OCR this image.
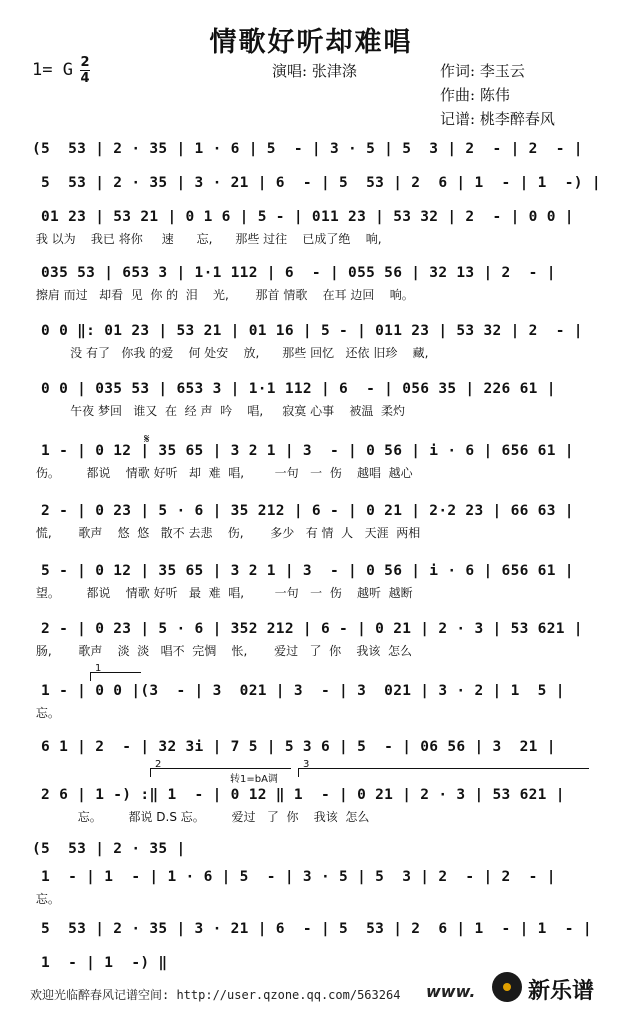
情歌好听却难唱
1= G 2
4	演唱: 张津涤	作词: 李玉云
作曲: 陈伟
记谱: 桃李醉春风
(5  53 | 2 · 35 | 1 · 6 | 5  - | 3 · 5 | 5  3 | 2  - | 2  - |
5  53 | 2 · 35 | 3 · 21 | 6  - | 5  53 | 2  6 | 1  - | 1  -) |
01 23 | 53 21 | 0 1 6 | 5 - | 011 23 | 53 32 | 2  - | 0 0 |
我 以为    我已 将你     速      忘,      那些 过往    已成了绝    响,
035 53 | 653 3 | 1·1 112 | 6  - | 055 56 | 32 13 | 2  - |
擦肩 而过   却看  见  你 的  泪    光,       那首 情歌    在耳 边回    响。
0 0 ‖: 01 23 | 53 21 | 01 16 | 5 - | 011 23 | 53 32 | 2  - |
没 有了   你我 的爱    何 处安    放,      那些 回忆   还依 旧珍    藏,
0 0 | 035 53 | 653 3 | 1·1 112 | 6  - | 056 35 | 226 61 |
午夜 梦回   谁又  在  经 声  吟    唱,     寂寞 心事    被温  柔灼
1 - | 0 12 | 35 65 | 3 2 1 | 3  - | 0 56 | i · 6 | 656 61 |
伤。       都说    情歌 好听   却  难  唱,        一句   一  伤    越唱  越心
2 - | 0 23 | 5 · 6 | 35 212 | 6 - | 0 21 | 2·2 23 | 66 63 |
慌,       歌声    悠  悠   散不 去悲    伤,       多少   有 情  人   天涯  两相
5 - | 0 12 | 35 65 | 3 2 1 | 3  - | 0 56 | i · 6 | 656 61 |
望。       都说    情歌 好听   最  难  唱,        一句   一  伤    越听  越断
2 - | 0 23 | 5 · 6 | 352 212 | 6 - | 0 21 | 2 · 3 | 53 621 |
肠,       歌声    淡  淡   唱不  完惆    怅,       爱过   了  你    我该  怎么
1 - | 0 0 |(3  - | 3  021 | 3  - | 3  021 | 3 · 2 | 1  5 |
忘。
6 1 | 2  - | 32 3i | 7 5 | 5 3 6 | 5  - | 06 56 | 3  21 |
2 6 | 1 -) :‖ 1  - | 0 12 ‖ 1  - | 0 21 | 2 · 3 | 53 621 |
忘。       都说 D.S 忘。       爱过   了  你    我该  怎么
(5  53 | 2 · 35 |
1  - | 1  - | 1 · 6 | 5  - | 3 · 5 | 5  3 | 2  - | 2  - |
忘。
5  53 | 2 · 35 | 3 · 21 | 6  - | 5  53 | 2  6 | 1  - | 1  - |
1  - | 1  -) ‖
𝄋
1
2	3
转1=bA调
欢迎光临醉春风记谱空间: http://user.qzone.qq.com/563264 www. 新乐谱
